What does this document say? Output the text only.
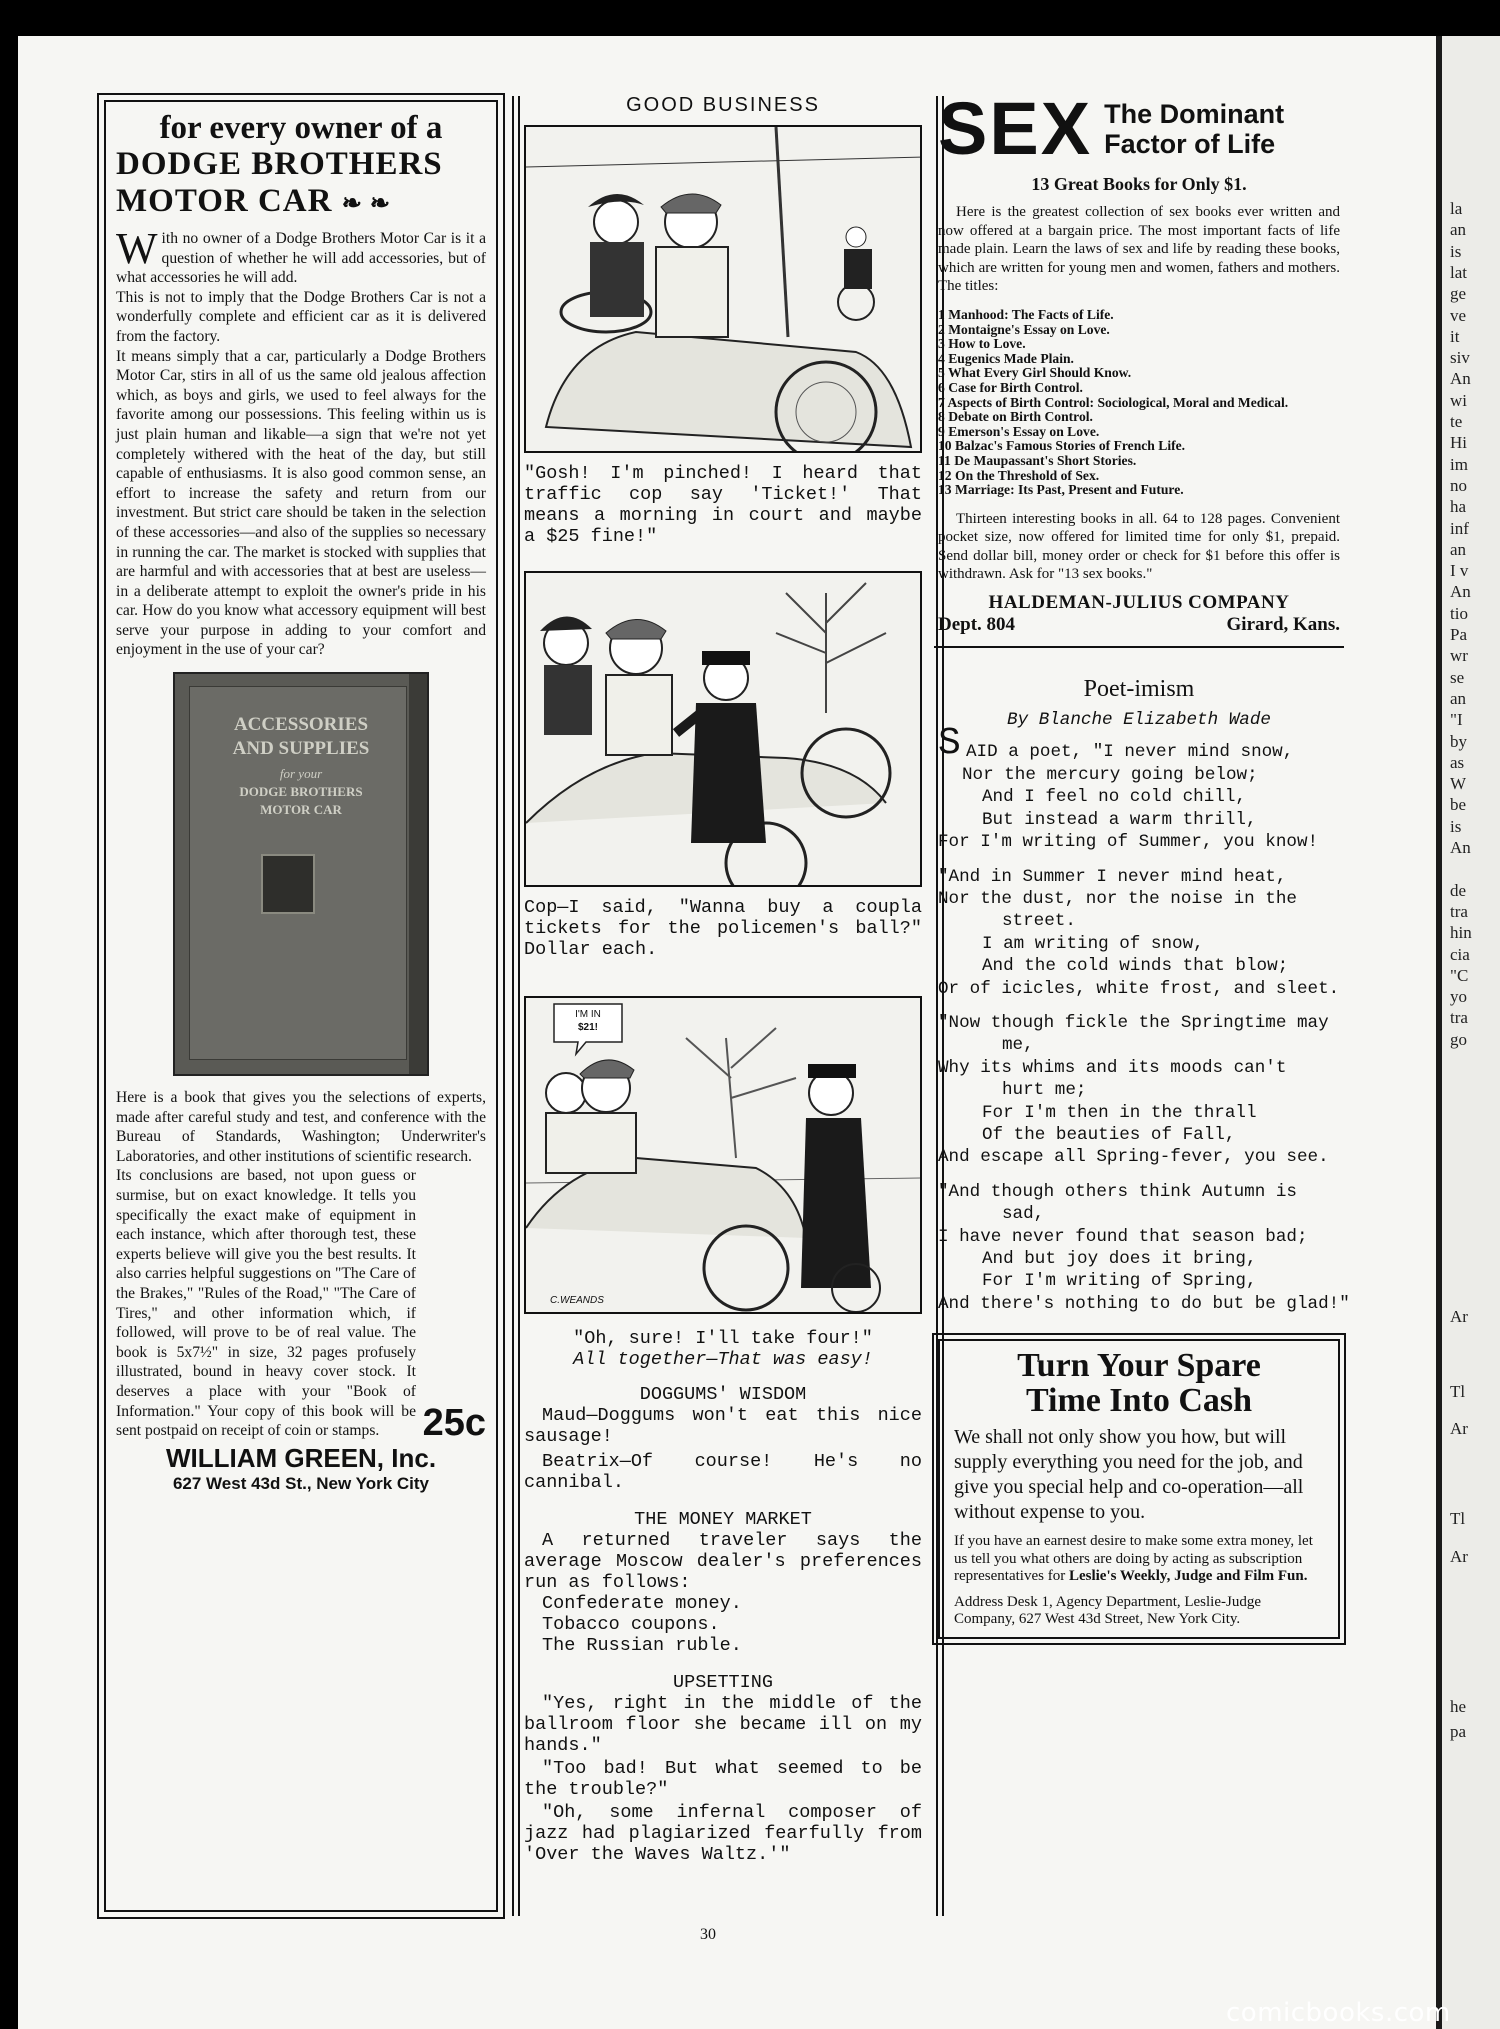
for every owner of a
DODGE BROTHERS
MOTOR CAR ❧ ❧
With no owner of a Dodge Brothers Motor Car is it a question of whether he will add accessories, but of what accessories he will add.
This is not to imply that the Dodge Brothers Car is not a wonderfully complete and efficient car as it is delivered from the factory.
It means simply that a car, particularly a Dodge Brothers Motor Car, stirs in all of us the same old jealous affection which, as boys and girls, we used to feel always for the favorite among our possessions. This feeling within us is just plain human and likable—a sign that we're not yet completely withered with the heat of the day, but still capable of enthusiasms. It is also good common sense, an effort to increase the safety and return from our investment. But strict care should be taken in the selection of these accessories—and also of the supplies so necessary in running the car. The market is stocked with supplies that are harmful and with accessories that at best are useless—in a deliberate attempt to exploit the owner's pride in his car. How do you know what accessory equipment will best serve your purpose in adding to your comfort and enjoyment in the use of your car?
ACCESSORIES
AND SUPPLIES
for your
DODGE BROTHERS
MOTOR CAR
Here is a book that gives you the selections of experts, made after careful study and test, and conference with the Bureau of Standards, Washington; Underwriter's Laboratories, and other institutions of scientific research.
Its conclusions are based, not upon guess or surmise, but on exact knowledge. It tells you specifically the exact make of equipment in each instance, which after thorough test, these experts believe will give you the best results. It also carries helpful suggestions on "The Care of the Brakes," "Rules of the Road," "The Care of Tires," and other information which, if followed, will prove to be of real value. The book is 5x7½" in size, 32 pages profusely illustrated, bound in heavy cover stock. It deserves a place with your "Book of Information." Your copy of this book will be sent postpaid on receipt of coin or stamps.	25c
WILLIAM GREEN, Inc.
627 West 43d St., New York City
GOOD BUSINESS
"Gosh! I'm pinched! I heard that traffic cop say 'Ticket!' That means a morning in court and maybe a $25 fine!"
Cop—I said, "Wanna buy a coupla tickets for the policemen's ball?" Dollar each.
I'M IN
$21!
C.WEANDS
"Oh, sure! I'll take four!"
All together—That was easy!
DOGGUMS' WISDOM
Maud—Doggums won't eat this nice sausage!
Beatrix—Of course! He's no cannibal.
THE MONEY MARKET
A returned traveler says the average Moscow dealer's preferences run as follows:
Confederate money.
Tobacco coupons.
The Russian ruble.
UPSETTING
"Yes, right in the middle of the ballroom floor she became ill on my hands."
"Too bad! But what seemed to be the trouble?"
"Oh, some infernal composer of jazz had plagiarized fearfully from 'Over the Waves Waltz.'"
SEX The Dominant
Factor of Life
13 Great Books for Only $1.
Here is the greatest collection of sex books ever written and now offered at a bargain price. The most important facts of life made plain. Learn the laws of sex and life by reading these books, which are written for young men and women, fathers and mothers. The titles:
1 Manhood: The Facts of Life.
2 Montaigne's Essay on Love.
3 How to Love.
4 Eugenics Made Plain.
5 What Every Girl Should Know.
6 Case for Birth Control.
7 Aspects of Birth Control: Sociological, Moral and Medical.
8 Debate on Birth Control.
9 Emerson's Essay on Love.
10 Balzac's Famous Stories of French Life.
11 De Maupassant's Short Stories.
12 On the Threshold of Sex.
13 Marriage: Its Past, Present and Future.
Thirteen interesting books in all. 64 to 128 pages. Convenient pocket size, now offered for limited time for only $1, prepaid. Send dollar bill, money order or check for $1 before this offer is withdrawn. Ask for "13 sex books."
HALDEMAN-JULIUS COMPANY
Dept. 804	Girard, Kans.
Poet-imism
By Blanche Elizabeth Wade
S AID a poet, "I never mind snow,
Nor the mercury going below;
And I feel no cold chill,
But instead a warm thrill,
For I'm writing of Summer, you know!
"And in Summer I never mind heat,
Nor the dust, nor the noise in the
street.
I am writing of snow,
And the cold winds that blow;
Or of icicles, white frost, and sleet.
"Now though fickle the Springtime may
me,
Why its whims and its moods can't
hurt me;
For I'm then in the thrall
Of the beauties of Fall,
And escape all Spring-fever, you see.
"And though others think Autumn is
sad,
I have never found that season bad;
And but joy does it bring,
For I'm writing of Spring,
And there's nothing to do but be glad!"
Turn Your Spare
Time Into Cash
We shall not only show you how, but will supply everything you need for the job, and give you special help and co-operation—all without expense to you.
If you have an earnest desire to make some extra money, let us tell you what others are doing by acting as subscription representatives for Leslie's Weekly, Judge and Film Fun.
Address Desk 1, Agency Department, Leslie-Judge Company, 627 West 43d Street, New York City.
30
la
an
is
lat
ge
ve
it
siv
An
wi
te
Hi
im
no
ha
inf
an
I v
An
tio
Pa
wr
se
an
"I
by
as
W
be
is
An
de
tra
hin
cia
"C
yo
tra
go
Ar
Tl
Ar
Tl
Ar
he
pa
comicbooks.com
